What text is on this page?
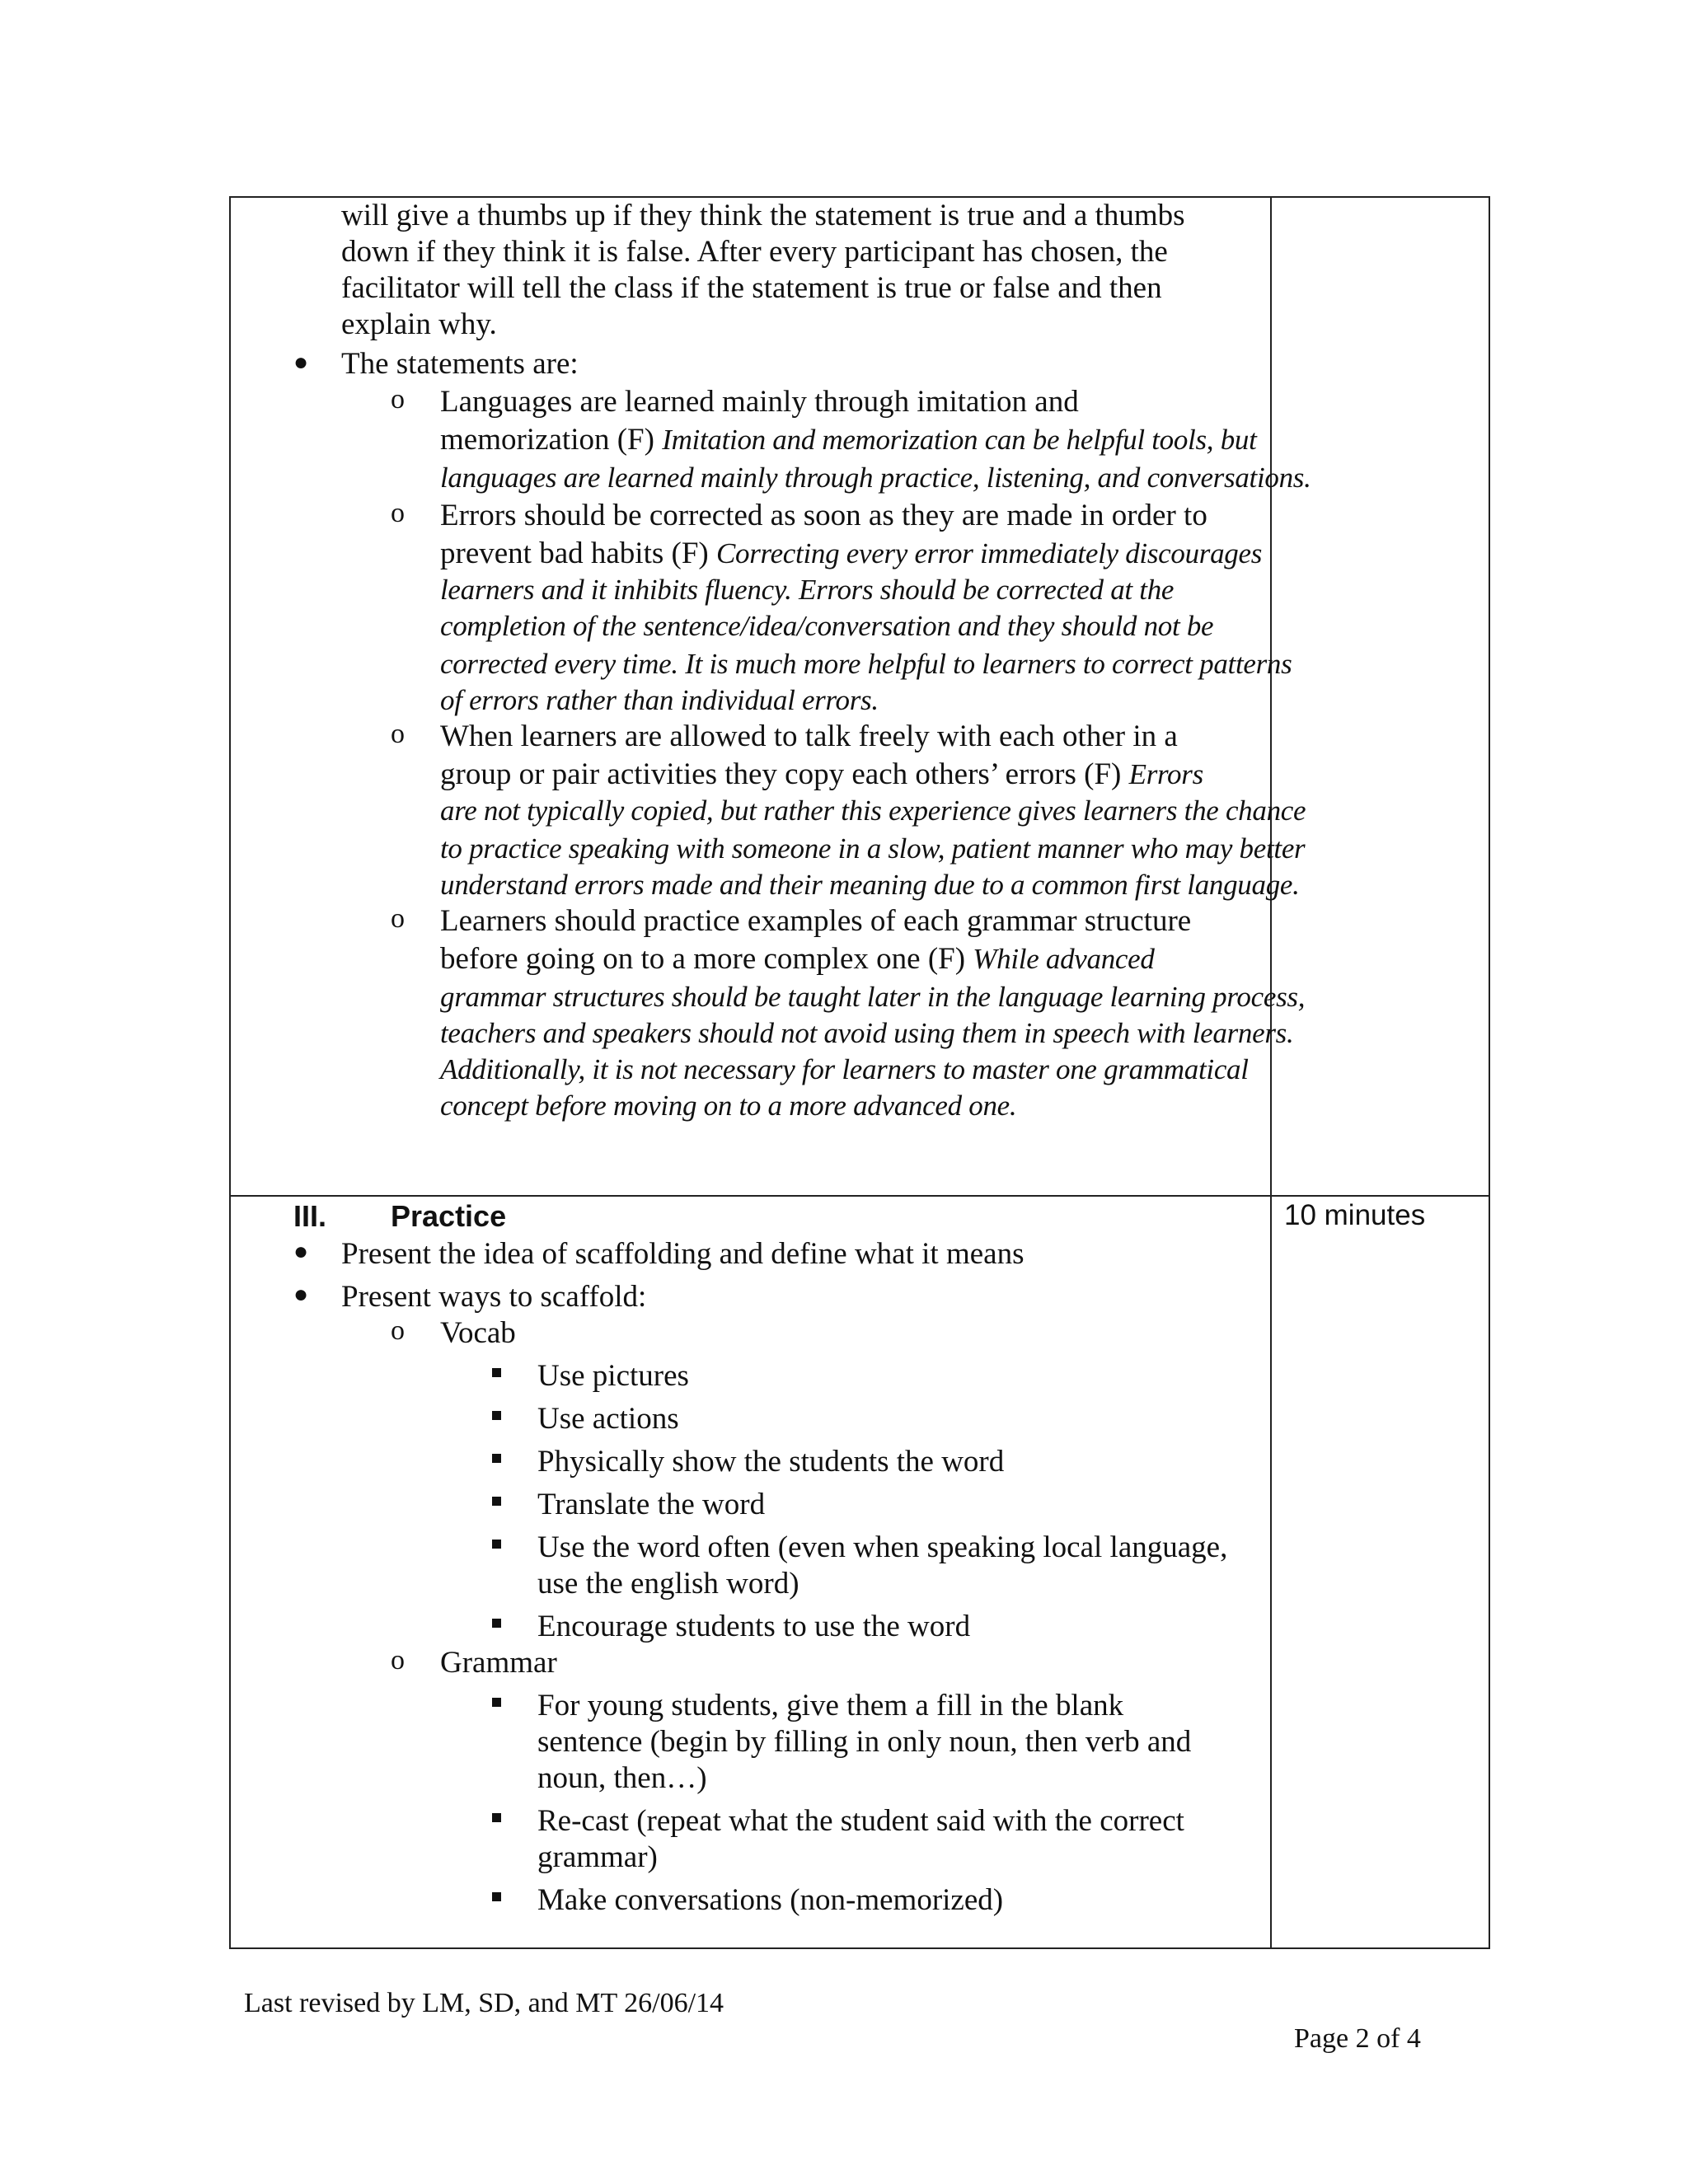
will give a thumbs up if they think the statement is true and a thumbs
down if they think it is false. After every participant has chosen, the
facilitator will tell the class if the statement is true or false and then
explain why.
● The statements are:
o Languages are learned mainly through imitation and
memorization (F) Imitation and memorization can be helpful tools, but
languages are learned mainly through practice, listening, and conversations.
o Errors should be corrected as soon as they are made in order to
prevent bad habits (F) Correcting every error immediately discourages
learners and it inhibits fluency. Errors should be corrected at the
completion of the sentence/idea/conversation and they should not be
corrected every time. It is much more helpful to learners to correct patterns
of errors rather than individual errors.
o When learners are allowed to talk freely with each other in a
group or pair activities they copy each others’ errors (F) Errors
are not typically copied, but rather this experience gives learners the chance
to practice speaking with someone in a slow, patient manner who may better
understand errors made and their meaning due to a common first language.
o Learners should practice examples of each grammar structure
before going on to a more complex one (F) While advanced
grammar structures should be taught later in the language learning process,
teachers and speakers should not avoid using them in speech with learners.
Additionally, it is not necessary for learners to master one grammatical
concept before moving on to a more advanced one.
III. Practice	10 minutes
● Present the idea of scaffolding and define what it means
● Present ways to scaffold:
o Vocab
Use pictures
Use actions
Physically show the students the word
Translate the word
Use the word often (even when speaking local language,
use the english word)
Encourage students to use the word
o Grammar
For young students, give them a fill in the blank
sentence (begin by filling in only noun, then verb and
noun, then…)
Re-cast (repeat what the student said with the correct
grammar)
Make conversations (non-memorized)
Last revised by LM, SD, and MT 26/06/14
Page 2 of 4
